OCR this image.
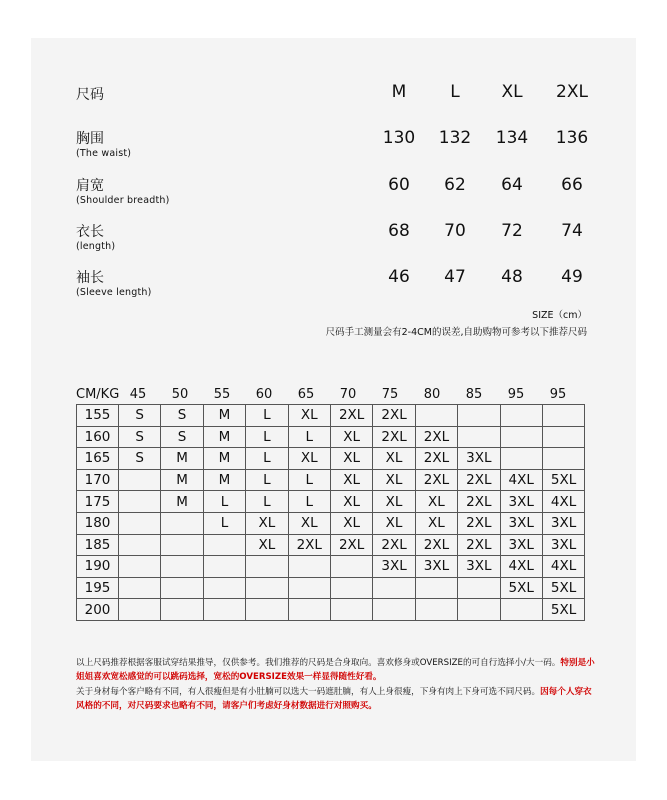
尺码	M	L	XL	2XL
胸围
(The waist)
130	132	134	136
肩宽
(Shoulder breadth)
60	62	64	66
衣长
(length)
68	70	72	74
袖长
(Sleeve length)
46	47	48	49
SIZE（cm）
尺码手工测量会有2-4CM的误差,自助购物可参考以下推荐尺码
CM/KG 45	50	55	60	65	70	75	80	85	95	95
155	S	S	M	L	XL	2XL	2XL				
160	S	S	M	L	L	XL	2XL	2XL			
165	S	M	M	L	XL	XL	XL	2XL	3XL		
170		M	M	L	L	XL	XL	2XL	2XL	4XL	5XL
175		M	L	L	L	XL	XL	XL	2XL	3XL	4XL
180			L	XL	XL	XL	XL	XL	2XL	3XL	3XL
185				XL	2XL	2XL	2XL	2XL	2XL	3XL	3XL
190							3XL	3XL	3XL	4XL	4XL
195										5XL	5XL
200											5XL

以上尺码推荐根据客服试穿结果推导，仅供参考。我们推荐的尺码是合身取向。喜欢修身或OVERSIZE的可自行选择小/大一码。特别是小姐姐喜欢宽松感觉的可以跳码选择，宽松的OVERSIZE效果一样显得随性好看。

关于身材每个客户略有不同，有人很瘦但是有小肚腩可以选大一码遮肚腩，有人上身很瘦，下身有肉上下身可选不同尺码。因每个人穿衣风格的不同，对尺码要求也略有不同，请客户们考虑好身材数据进行对照购买。
